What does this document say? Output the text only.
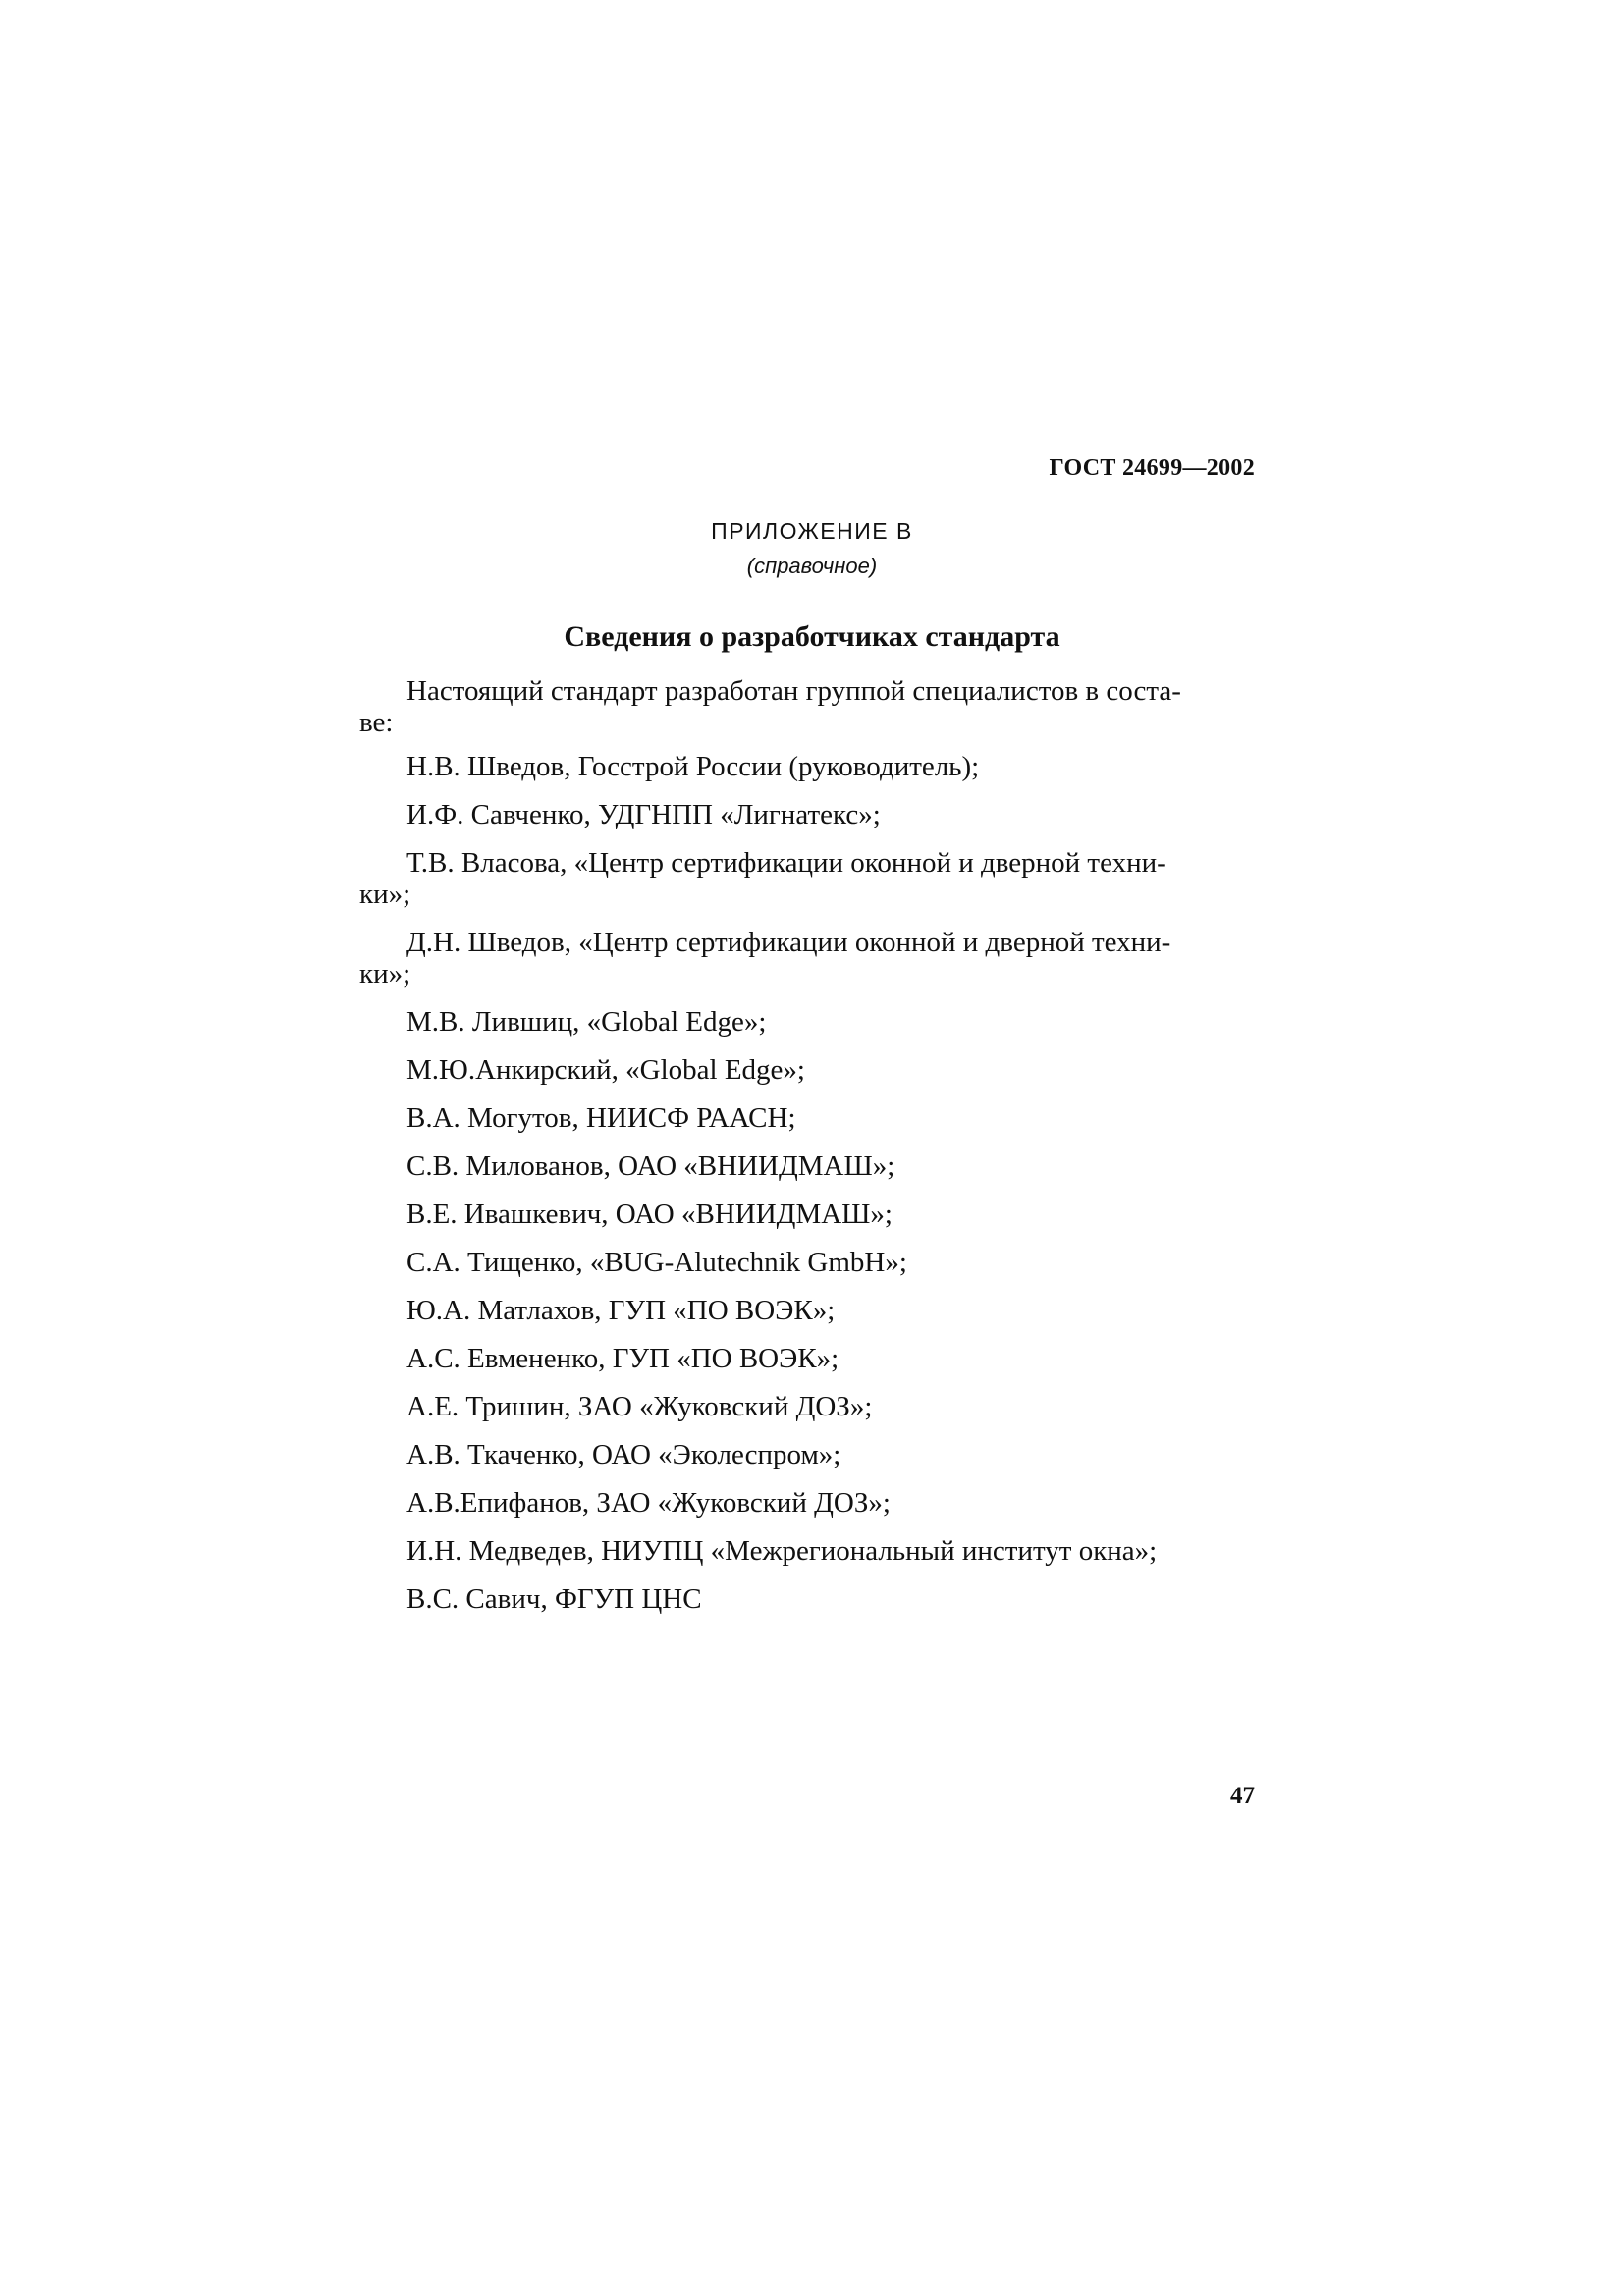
ГОСТ 24699—2002
ПРИЛОЖЕНИЕ В
(справочное)
Сведения о разработчиках стандарта

Настоящий стандарт разработан группой специалистов в соста-
ве:

Н.В. Шведов, Госстрой России (руководитель);

И.Ф. Савченко, УДГНПП «Лигнатекс»;

Т.В. Власова, «Центр сертификации оконной и дверной техни-
ки»;

Д.Н. Шведов, «Центр сертификации оконной и дверной техни-
ки»;

М.В. Лившиц, «Global Edge»;

М.Ю.Анкирский, «Global Edge»;

В.А. Могутов, НИИСФ РААСН;

С.В. Милованов, ОАО «ВНИИДМАШ»;

В.Е. Ивашкевич, ОАО «ВНИИДМАШ»;

С.А. Тищенко, «BUG-Alutechnik GmbH»;

Ю.А. Матлахов, ГУП «ПО ВОЭК»;

А.С. Евмененко, ГУП «ПО ВОЭК»;

А.Е. Тришин, ЗАО «Жуковский ДОЗ»;

А.В. Ткаченко, ОАО «Эколеспром»;

А.В.Епифанов, ЗАО «Жуковский ДОЗ»;

И.Н. Медведев, НИУПЦ «Межрегиональный институт окна»;

В.С. Савич, ФГУП ЦНС

47
